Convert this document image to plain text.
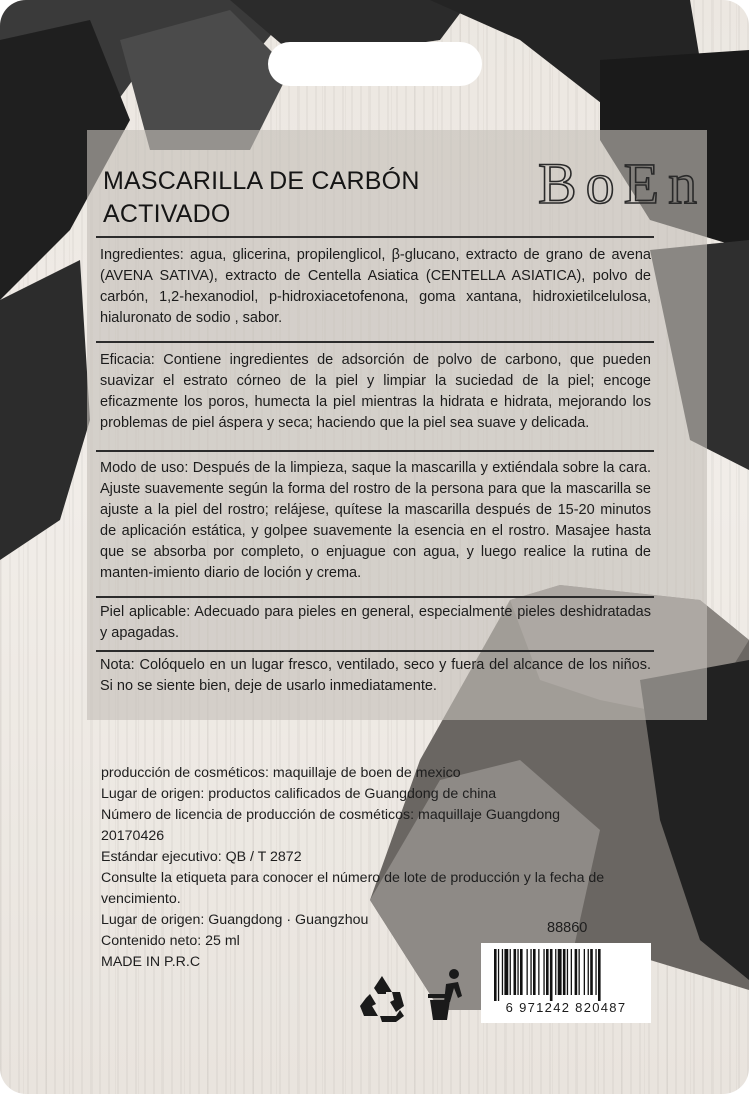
MASCARILLA DE CARBÓN
ACTIVADO	BoEn
Ingredientes: agua, glicerina, propilenglicol, β-glucano, extracto de grano de avena (AVENA SATIVA), extracto de Centella Asiatica (CENTELLA ASIATICA), polvo de carbón, 1,2-hexanodiol, p-hidroxiacetofenona, goma xantana, hidroxietilcelulosa, hialuronato de sodio , sabor.
Eficacia: Contiene ingredientes de adsorción de polvo de carbono, que pueden suavizar el estrato córneo de la piel y limpiar la suciedad de la piel; encoge eficazmente los poros, humecta la piel mientras la hidrata e hidrata, mejorando los problemas de piel áspera y seca; haciendo que la piel sea suave y delicada.
Modo de uso: Después de la limpieza, saque la mascarilla y extiéndala sobre la cara. Ajuste suavemente según la forma del rostro de la persona para que la mascarilla se ajuste a la piel del rostro; relájese, quítese la mascarilla después de 15-20 minutos de aplicación estática, y golpee suavemente la esencia en el rostro. Masajee hasta que se absorba por completo, o enjuague con agua, y luego realice la rutina de manten-imiento diario de loción y crema.
Piel aplicable: Adecuado para pieles en general, especialmente pieles deshidratadas y apagadas.
Nota: Colóquelo en un lugar fresco, ventilado, seco y fuera del alcance de los niños. Si no se siente bien, deje de usarlo inmediatamente.
producción de cosméticos: maquillaje de boen de mexico
Lugar de origen: productos calificados de Guangdong de china
Número de licencia de producción de cosméticos: maquillaje Guangdong
20170426
Estándar ejecutivo: QB / T 2872
Consulte la etiqueta para conocer el número de lote de producción y la fecha de
vencimiento.
Lugar de origen: Guangdong · Guangzhou
Contenido neto: 25 ml
MADE IN P.R.C
88860
6 971242 820487
